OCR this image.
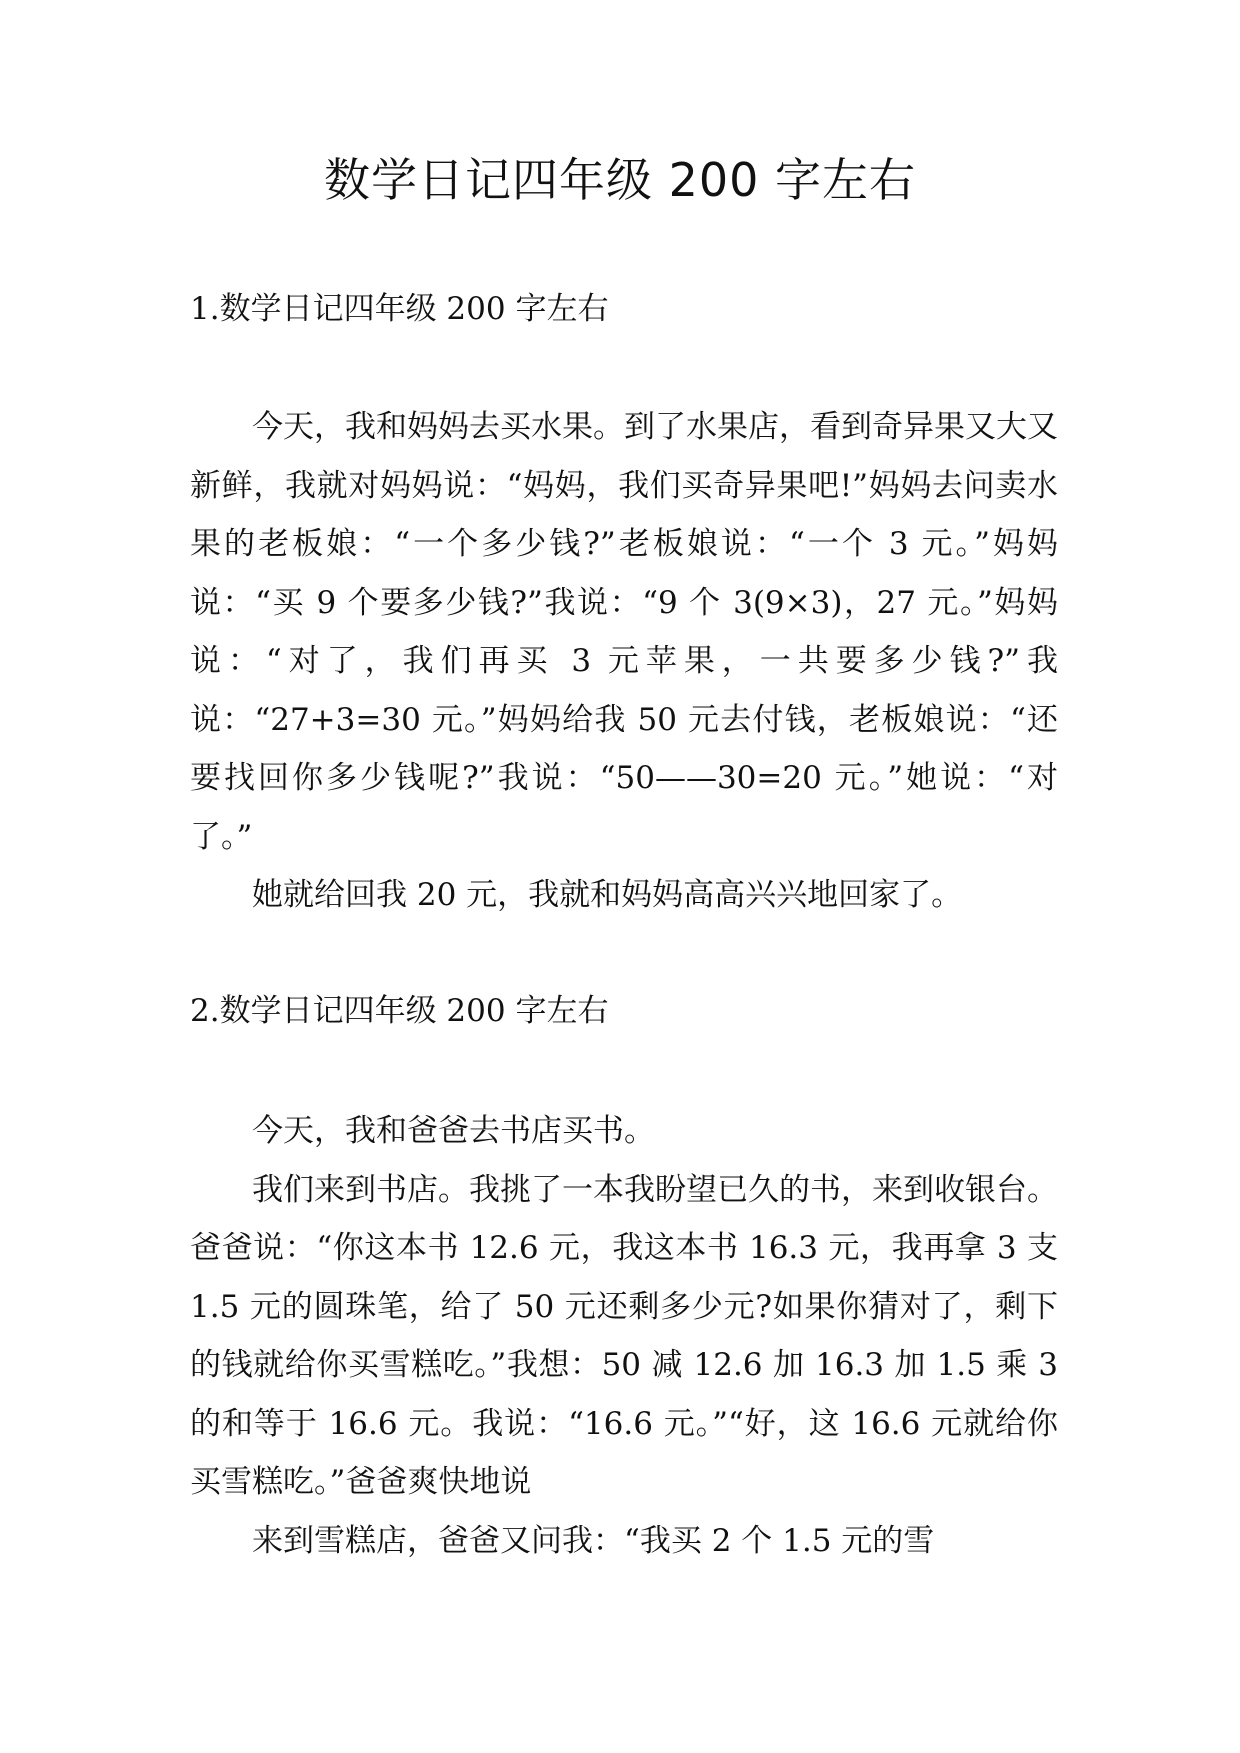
数学日记四年级 200 字左右
1.数学日记四年级 200 字左右

今天，我和妈妈去买水果。到了水果店，看到奇异果又大又新鲜，我就对妈妈说：“妈妈，我们买奇异果吧!”妈妈去问卖水果的老板娘：“一个多少钱?”老板娘说：“一个 3 元。”妈妈说：“买 9 个要多少钱?”我说：“9 个 3(9×3)，27 元。”妈妈说：“对了，我们再买 3 元苹果，一共要多少钱?”我说：“27+3=30 元。”妈妈给我 50 元去付钱，老板娘说：“还要找回你多少钱呢?”我说：“50——30=20 元。”她说：“对了。”

她就给回我 20 元，我就和妈妈高高兴兴地回家了。

2.数学日记四年级 200 字左右

今天，我和爸爸去书店买书。

我们来到书店。我挑了一本我盼望已久的书，来到收银台。爸爸说：“你这本书 12.6 元，我这本书 16.3 元，我再拿 3 支 1.5 元的圆珠笔，给了 50 元还剩多少元?如果你猜对了，剩下的钱就给你买雪糕吃。”我想：50 减 12.6 加 16.3 加 1.5 乘 3 的和等于 16.6 元。我说：“16.6 元。”“好，这 16.6 元就给你买雪糕吃。”爸爸爽快地说

来到雪糕店，爸爸又问我：“我买 2 个 1.5 元的雪
